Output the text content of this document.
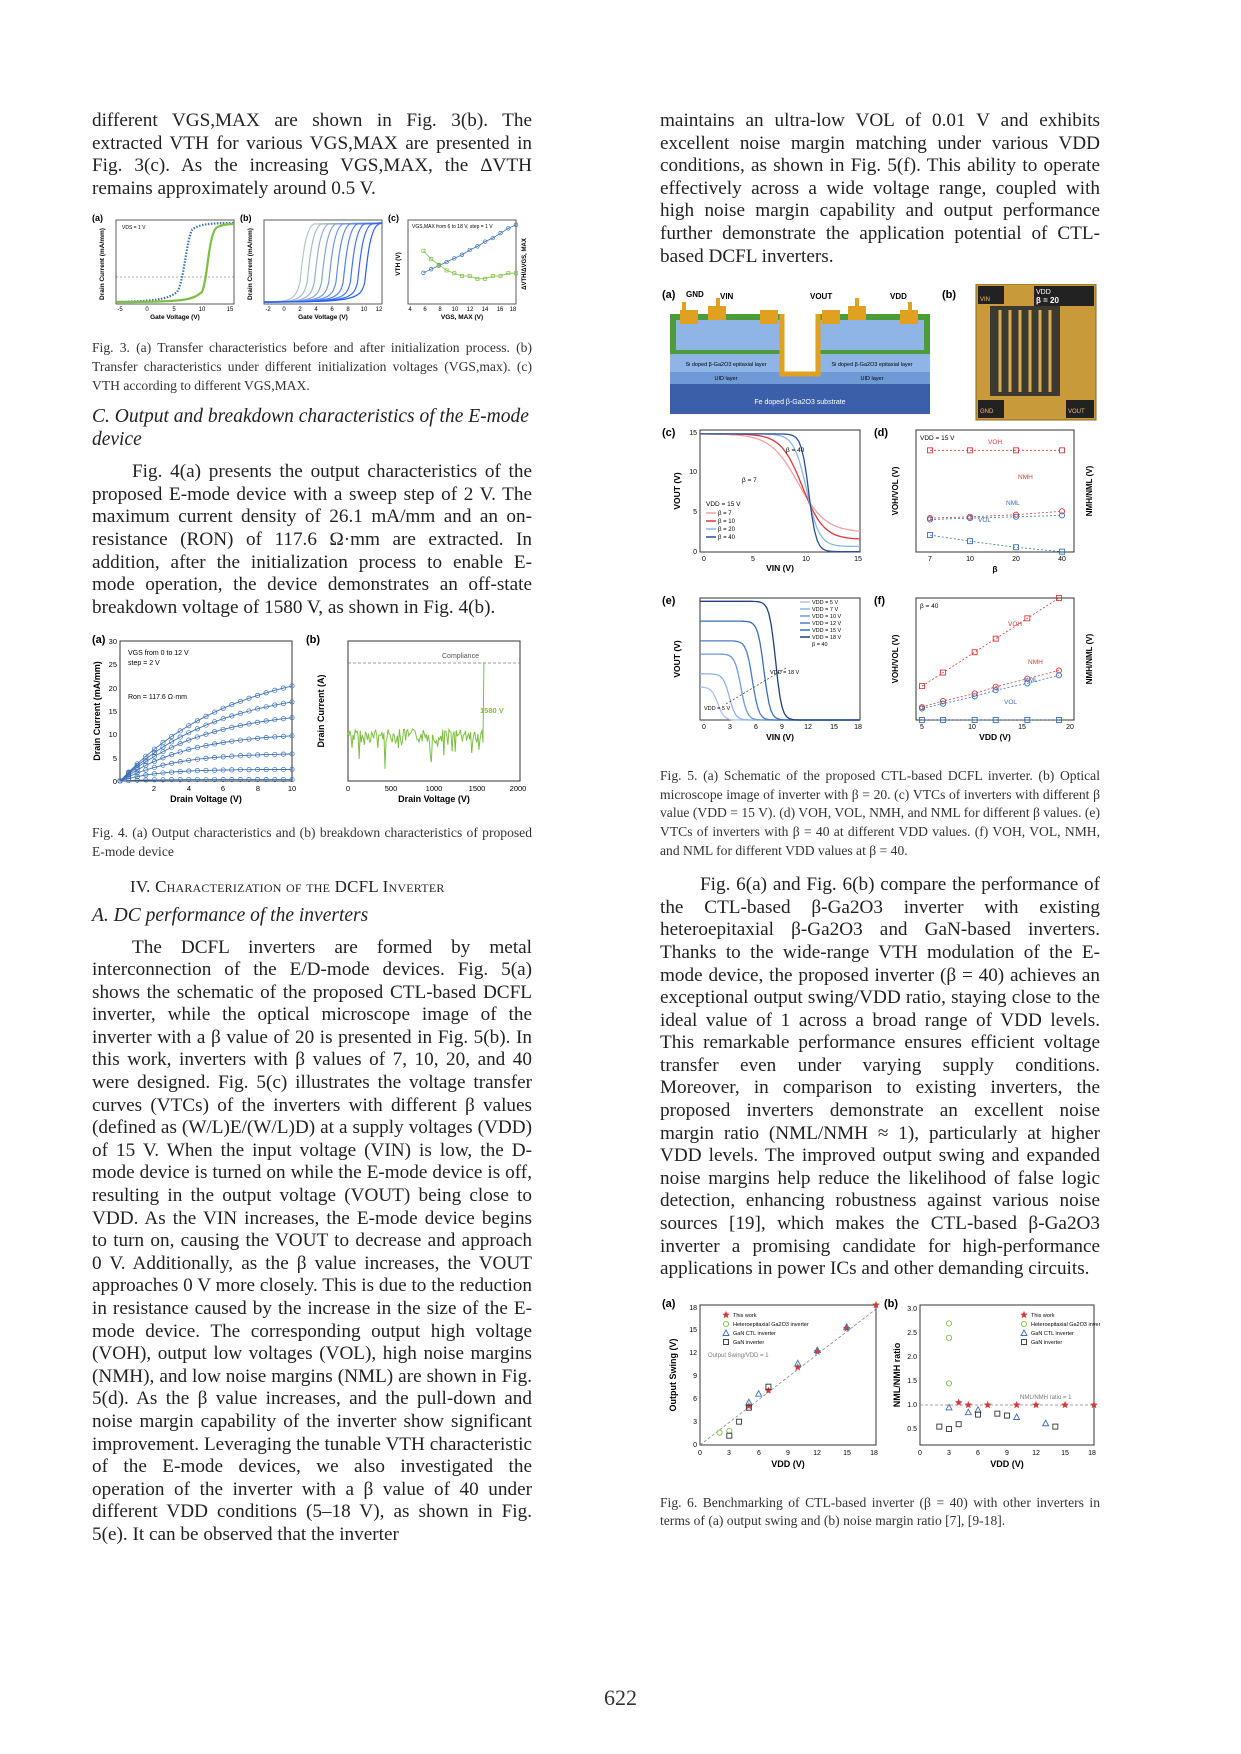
different VGS,MAX are shown in Fig. 3(b). The extracted VTH for various VGS,MAX are presented in Fig. 3(c). As the increasing VGS,MAX, the ΔVTH remains approximately around 0.5 V.

(a)
VDS = 1 V
-5	0	5	10	15
Gate Voltage (V)
Drain Current (mA/mm)
(b)
-2 0 2 4 6 8 10 12
Gate Voltage (V)
Drain Current (mA/mm)
(c)
VGS,MAX from 6 to 18 V, step = 1 V
4 6 8 10 12 14 16 18
VGS, MAX (V)
VTH (V)	ΔVTH/ΔVGS, MAX

Fig. 3. (a) Transfer characteristics before and after initialization process. (b) Transfer characteristics under different initialization voltages (VGS,max). (c) VTH according to different VGS,MAX.

C. Output and breakdown characteristics of the E-mode device

Fig. 4(a) presents the output characteristics of the proposed E-mode device with a sweep step of 2 V. The maximum current density of 26.1 mA/mm and an on-resistance (RON) of 117.6 Ω·mm are extracted. In addition, after the initialization process to enable E-mode operation, the device demonstrates an off-state breakdown voltage of 1580 V, as shown in Fig. 4(b).

(a)
VGS from 0 to 12 V
step = 2 V
Ron = 117.6 Ω·mm
0
5
10
15
20
25
30
2	4	6	8	10
Drain Voltage (V)
Drain Current (mA/mm)
(b)
Compliance
1580 V
0	500	1000	1500	2000
Drain Voltage (V)
Drain Current (A)

Fig. 4. (a) Output characteristics and (b) breakdown characteristics of proposed E-mode device

IV. Characterization of the DCFL Inverter

A. DC performance of the inverters

The DCFL inverters are formed by metal interconnection of the E/D-mode devices. Fig. 5(a) shows the schematic of the proposed CTL-based DCFL inverter, while the optical microscope image of the inverter with a β value of 20 is presented in Fig. 5(b). In this work, inverters with β values of 7, 10, 20, and 40 were designed. Fig. 5(c) illustrates the voltage transfer curves (VTCs) of the inverters with different β values (defined as (W/L)E/(W/L)D) at a supply voltages (VDD) of 15 V. When the input voltage (VIN) is low, the D-mode device is turned on while the E-mode device is off, resulting in the output voltage (VOUT) being close to VDD. As the VIN increases, the E-mode device begins to turn on, causing the VOUT to decrease and approach 0 V. Additionally, as the β value increases, the VOUT approaches 0 V more closely. This is due to the reduction in resistance caused by the increase in the size of the E-mode device. The corresponding output high voltage (VOH), output low voltages (VOL), high noise margins (NMH), and low noise margins (NML) are shown in Fig. 5(d). As the β value increases, and the pull-down and noise margin capability of the inverter show significant improvement. Leveraging the tunable VTH characteristic of the E-mode devices, we also investigated the operation of the inverter with a β value of 40 under different VDD conditions (5–18 V), as shown in Fig. 5(e). It can be observed that the inverter

maintains an ultra-low VOL of 0.01 V and exhibits excellent noise margin matching under various VDD conditions, as shown in Fig. 5(f). This ability to operate effectively across a wide voltage range, coupled with high noise margin capability and output performance further demonstrate the application potential of CTL-based DCFL inverters.

(a) GND VIN	VOUT	VDD
Fe doped β-Ga2O3 substrate
Si doped β-Ga2O3 epitaxial layer	Si doped β-Ga2O3 epitaxial layer
UID layer	UID layer
(b)	VIN
GND	VOUT
VDD
β = 20
(c)
β = 40
β = 7
VDD = 15 V
β = 7
β = 10
β = 20
β = 40
0
5
10
15
0	5	10	15
VIN (V)
VOUT (V)
(d)	VDD = 15 V
VOH
NMH
NML
VOL
7	10	20	40
β
VOH/VOL (V)	NMH/NML (V)
(e)	VDD = 5 V
VDD = 7 V
VDD = 10 V
VDD = 12 V
VDD = 15 V
VDD = 18 V
β = 40
VDD = 18 V
VDD = 5 V
0	3	6	9	12	15 18
VIN (V)
VOUT (V)
(f)	β = 40
VOH
NMH
NML
VOL
5	10	15	20
VDD (V)
VOH/VOL (V)	NMH/NML (V)

Fig. 5. (a) Schematic of the proposed CTL-based DCFL inverter. (b) Optical microscope image of inverter with β = 20. (c) VTCs of inverters with different β value (VDD = 15 V). (d) VOH, VOL, NMH, and NML for different β values. (e) VTCs of inverters with β = 40 at different VDD values. (f) VOH, VOL, NMH, and NML for different VDD values at β = 40.

Fig. 6(a) and Fig. 6(b) compare the performance of the CTL-based β-Ga2O3 inverter with existing heteroepitaxial β-Ga2O3 and GaN-based inverters. Thanks to the wide-range VTH modulation of the E-mode device, the proposed inverter (β = 40) achieves an exceptional output swing/VDD ratio, staying close to the ideal value of 1 across a broad range of VDD levels. This remarkable performance ensures efficient voltage transfer even under varying supply conditions. Moreover, in comparison to existing inverters, the proposed inverters demonstrate an excellent noise margin ratio (NML/NMH ≈ 1), particularly at higher VDD levels. The improved output swing and expanded noise margins help reduce the likelihood of false logic detection, enhancing robustness against various noise sources [19], which makes the CTL-based β-Ga2O3 inverter a promising candidate for high-performance applications in power ICs and other demanding circuits.

(a)
Output Swing/VDD = 1
This work
Heteroepitaxial Ga2O3 inverter
GaN CTL inverter
GaN inverter
0
3
6
9
12
15
18
0	3	6	9	12	15	18
VDD (V)
Output Swing (V)
(b)
NML/NMH ratio = 1
This work
Heteroepitaxial Ga2O3 inverter
GaN CTL inverter
GaN inverter
0.5
1.0
1.5
2.0
2.5
3.0
0	3	6	9	12	15	18
VDD (V)
NML/NMH ratio

Fig. 6. Benchmarking of CTL-based inverter (β = 40) with other inverters in terms of (a) output swing and (b) noise margin ratio [7], [9-18].

622
